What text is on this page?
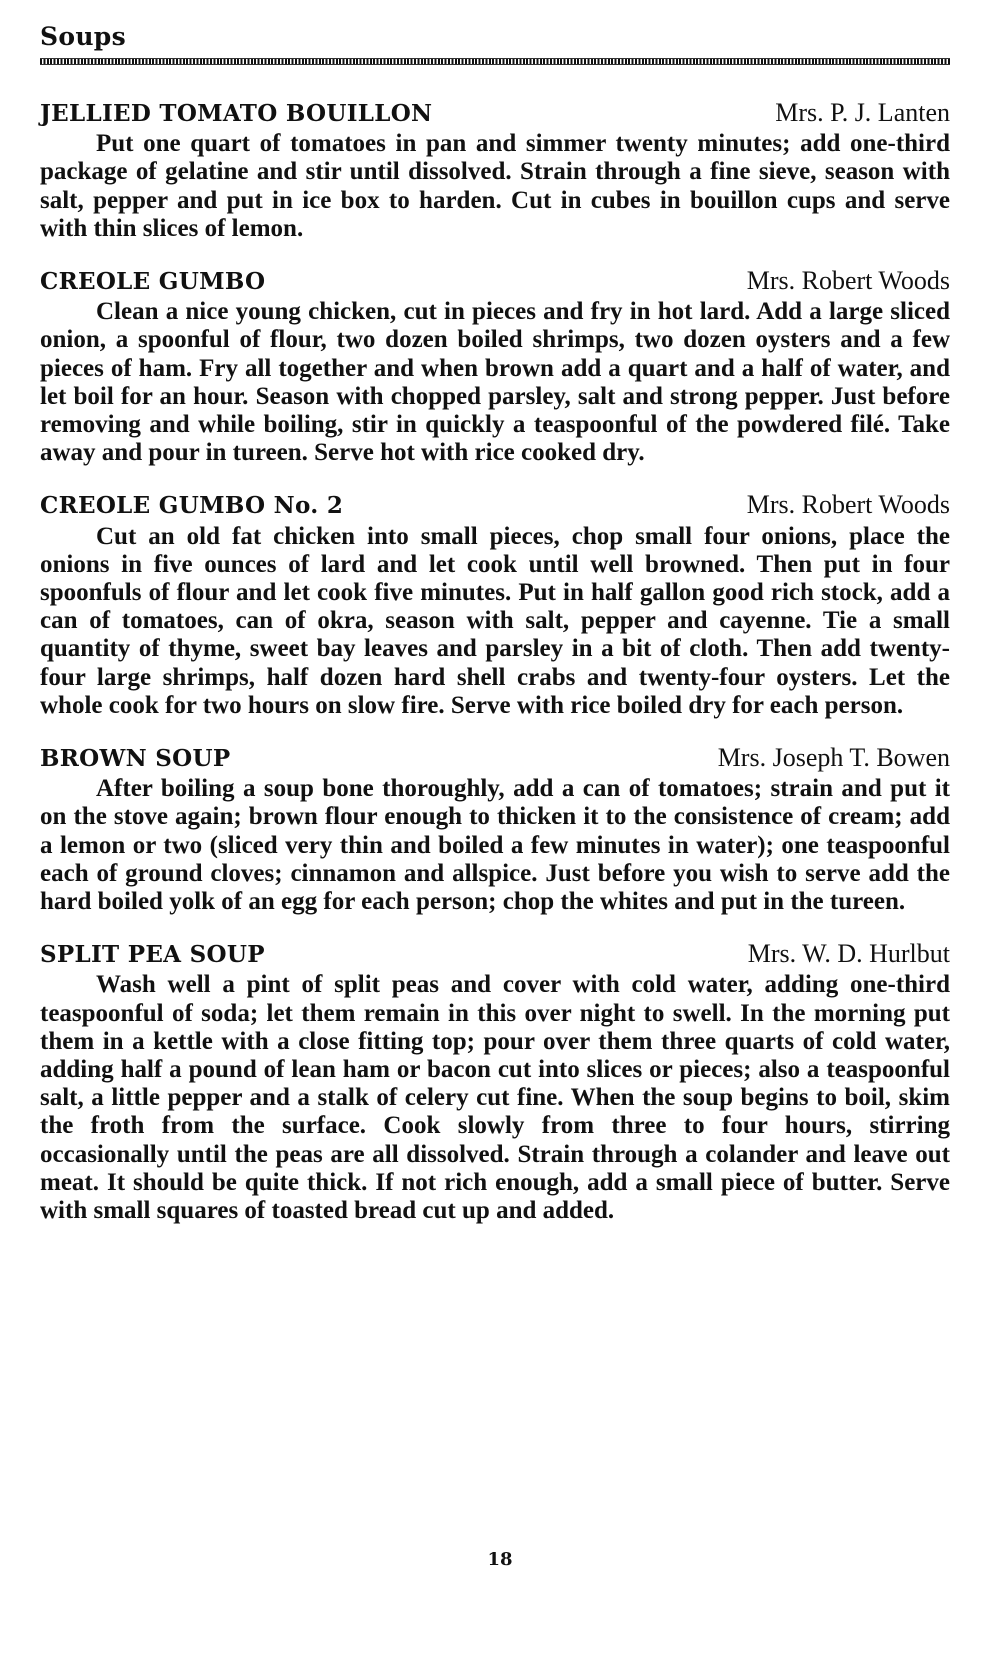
Soups
JELLIED TOMATO BOUILLON	Mrs. P. J. Lanten

Put one quart of tomatoes in pan and simmer twenty minutes; add one-third package of gelatine and stir until dissolved. Strain through a fine sieve, season with salt, pepper and put in ice box to harden. Cut in cubes in bouillon cups and serve with thin slices of lemon.

CREOLE GUMBO	Mrs. Robert Woods

Clean a nice young chicken, cut in pieces and fry in hot lard. Add a large sliced onion, a spoonful of flour, two dozen boiled shrimps, two dozen oysters and a few pieces of ham. Fry all together and when brown add a quart and a half of water, and let boil for an hour. Season with chopped parsley, salt and strong pepper. Just before removing and while boiling, stir in quickly a teaspoonful of the powdered filé. Take away and pour in tureen. Serve hot with rice cooked dry.

CREOLE GUMBO No. 2	Mrs. Robert Woods

Cut an old fat chicken into small pieces, chop small four onions, place the onions in five ounces of lard and let cook until well browned. Then put in four spoonfuls of flour and let cook five minutes. Put in half gallon good rich stock, add a can of tomatoes, can of okra, season with salt, pepper and cayenne. Tie a small quantity of thyme, sweet bay leaves and parsley in a bit of cloth. Then add twenty-four large shrimps, half dozen hard shell crabs and twenty-four oysters. Let the whole cook for two hours on slow fire. Serve with rice boiled dry for each person.

BROWN SOUP	Mrs. Joseph T. Bowen

After boiling a soup bone thoroughly, add a can of tomatoes; strain and put it on the stove again; brown flour enough to thicken it to the consistence of cream; add a lemon or two (sliced very thin and boiled a few minutes in water); one teaspoonful each of ground cloves; cinnamon and allspice. Just before you wish to serve add the hard boiled yolk of an egg for each person; chop the whites and put in the tureen.

SPLIT PEA SOUP	Mrs. W. D. Hurlbut

Wash well a pint of split peas and cover with cold water, adding one-third teaspoonful of soda; let them remain in this over night to swell. In the morning put them in a kettle with a close fitting top; pour over them three quarts of cold water, adding half a pound of lean ham or bacon cut into slices or pieces; also a teaspoonful salt, a little pepper and a stalk of celery cut fine. When the soup begins to boil, skim the froth from the surface. Cook slowly from three to four hours, stirring occasionally until the peas are all dissolved. Strain through a colander and leave out meat. It should be quite thick. If not rich enough, add a small piece of butter. Serve with small squares of toasted bread cut up and added.

18
